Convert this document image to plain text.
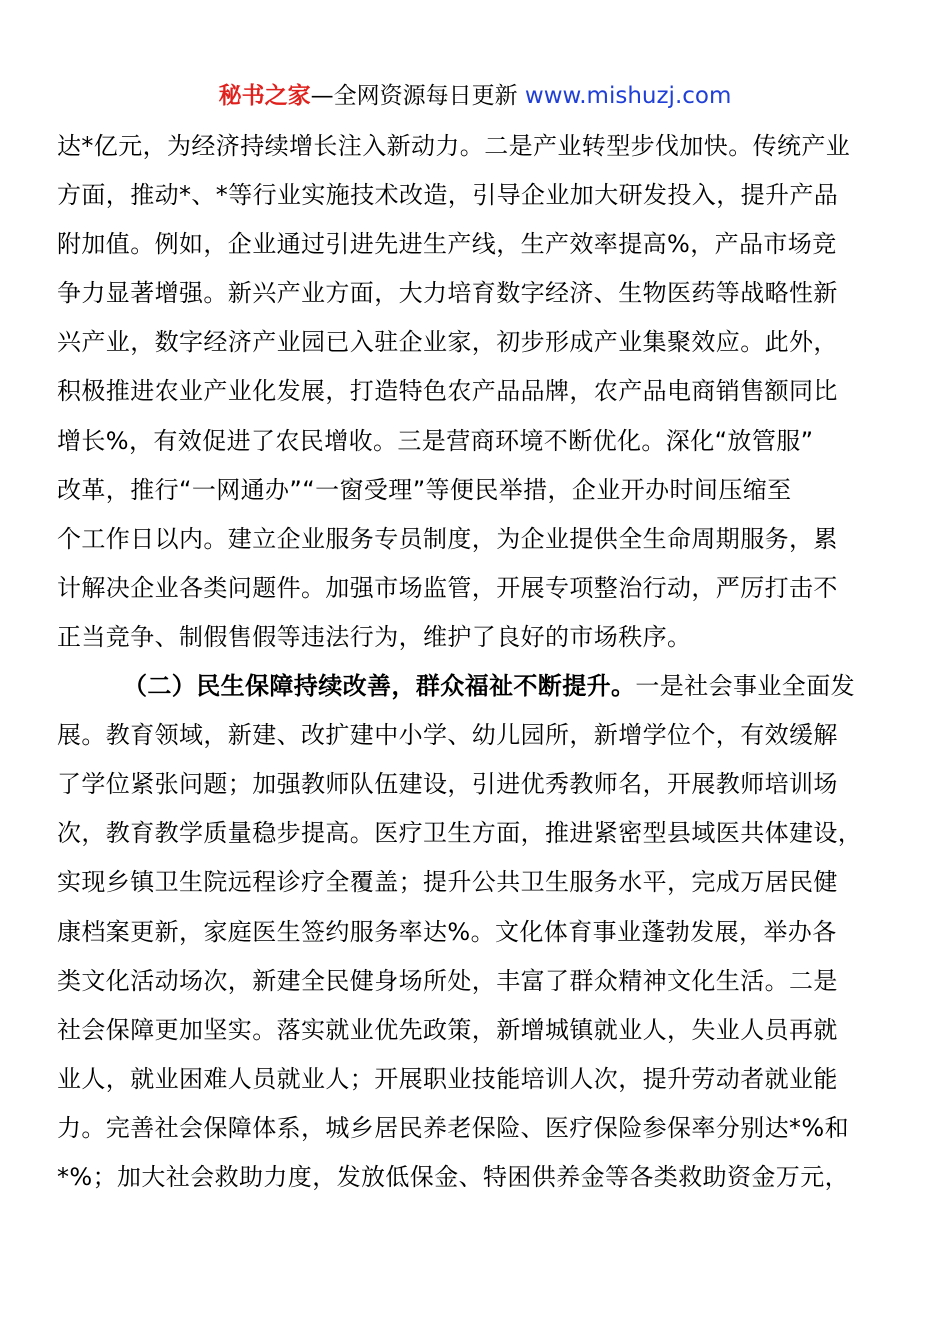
秘书之家—全网资源每日更新 www.mishuzj.com
达*亿元，为经济持续增长注入新动力。二是产业转型步伐加快。传统产业
方面，推动*、*等行业实施技术改造，引导企业加大研发投入，提升产品
附加值。例如，企业通过引进先进生产线，生产效率提高%，产品市场竞
争力显著增强。新兴产业方面，大力培育数字经济、生物医药等战略性新
兴产业，数字经济产业园已入驻企业家，初步形成产业集聚效应。此外，
积极推进农业产业化发展，打造特色农产品品牌，农产品电商销售额同比
增长%，有效促进了农民增收。三是营商环境不断优化。深化“放管服”
改革，推行“一网通办”“一窗受理”等便民举措，企业开办时间压缩至
个工作日以内。建立企业服务专员制度，为企业提供全生命周期服务，累
计解决企业各类问题件。加强市场监管，开展专项整治行动，严厉打击不
正当竞争、制假售假等违法行为，维护了良好的市场秩序。
（二）民生保障持续改善，群众福祉不断提升。一是社会事业全面发
展。教育领域，新建、改扩建中小学、幼儿园所，新增学位个，有效缓解
了学位紧张问题；加强教师队伍建设，引进优秀教师名，开展教师培训场
次，教育教学质量稳步提高。医疗卫生方面，推进紧密型县域医共体建设，
实现乡镇卫生院远程诊疗全覆盖；提升公共卫生服务水平，完成万居民健
康档案更新，家庭医生签约服务率达%。文化体育事业蓬勃发展，举办各
类文化活动场次，新建全民健身场所处，丰富了群众精神文化生活。二是
社会保障更加坚实。落实就业优先政策，新增城镇就业人，失业人员再就
业人，就业困难人员就业人；开展职业技能培训人次，提升劳动者就业能
力。完善社会保障体系，城乡居民养老保险、医疗保险参保率分别达*%和
*%；加大社会救助力度，发放低保金、特困供养金等各类救助资金万元，
